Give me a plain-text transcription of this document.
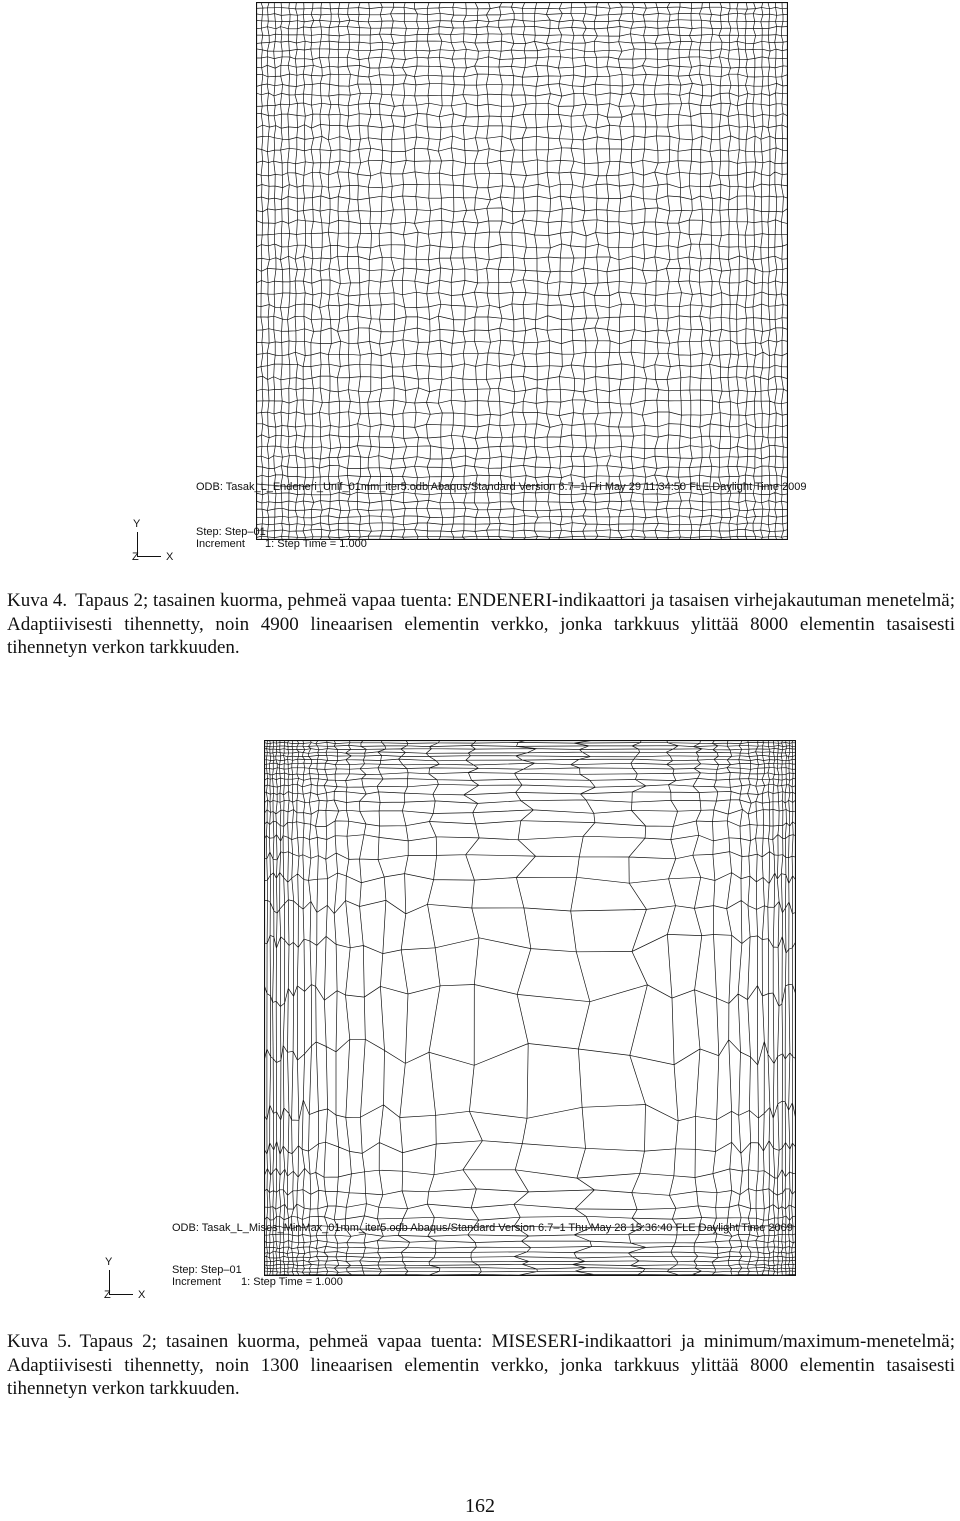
ODB: Tasak_L_Endeneri_Unif_01mm_iter5.odb Abaqus/Standard Version 6.7–1 Fri May 29 11:34:50 FLE Daylight Time 2009
Y
Z X
Step: Step–01
Increment 1: Step Time = 1.000
Kuva 4. Tapaus 2; tasainen kuorma, pehmeä vapaa tuenta: ENDENERI-indikaattori ja tasaisen virhejakautuman menetelmä; Adaptiivisesti tihennetty, noin 4900 lineaarisen elementin verkko, jonka tarkkuus ylittää 8000 elementin tasaisesti tihennetyn verkon tarkkuuden.
ODB: Tasak_L_Mises_MinMax_01mm_iter5.odb Abaqus/Standard Version 6.7–1 Thu May 28 15:36:40 FLE Daylight Time 2009
Y
Z X
Step: Step–01
Increment 1: Step Time = 1.000
Kuva 5. Tapaus 2; tasainen kuorma, pehmeä vapaa tuenta: MISESERI-indikaattori ja minimum/maximum-menetelmä; Adaptiivisesti tihennetty, noin 1300 lineaarisen elementin verkko, jonka tarkkuus ylittää 8000 elementin tasaisesti tihennetyn verkon tarkkuuden.
162
